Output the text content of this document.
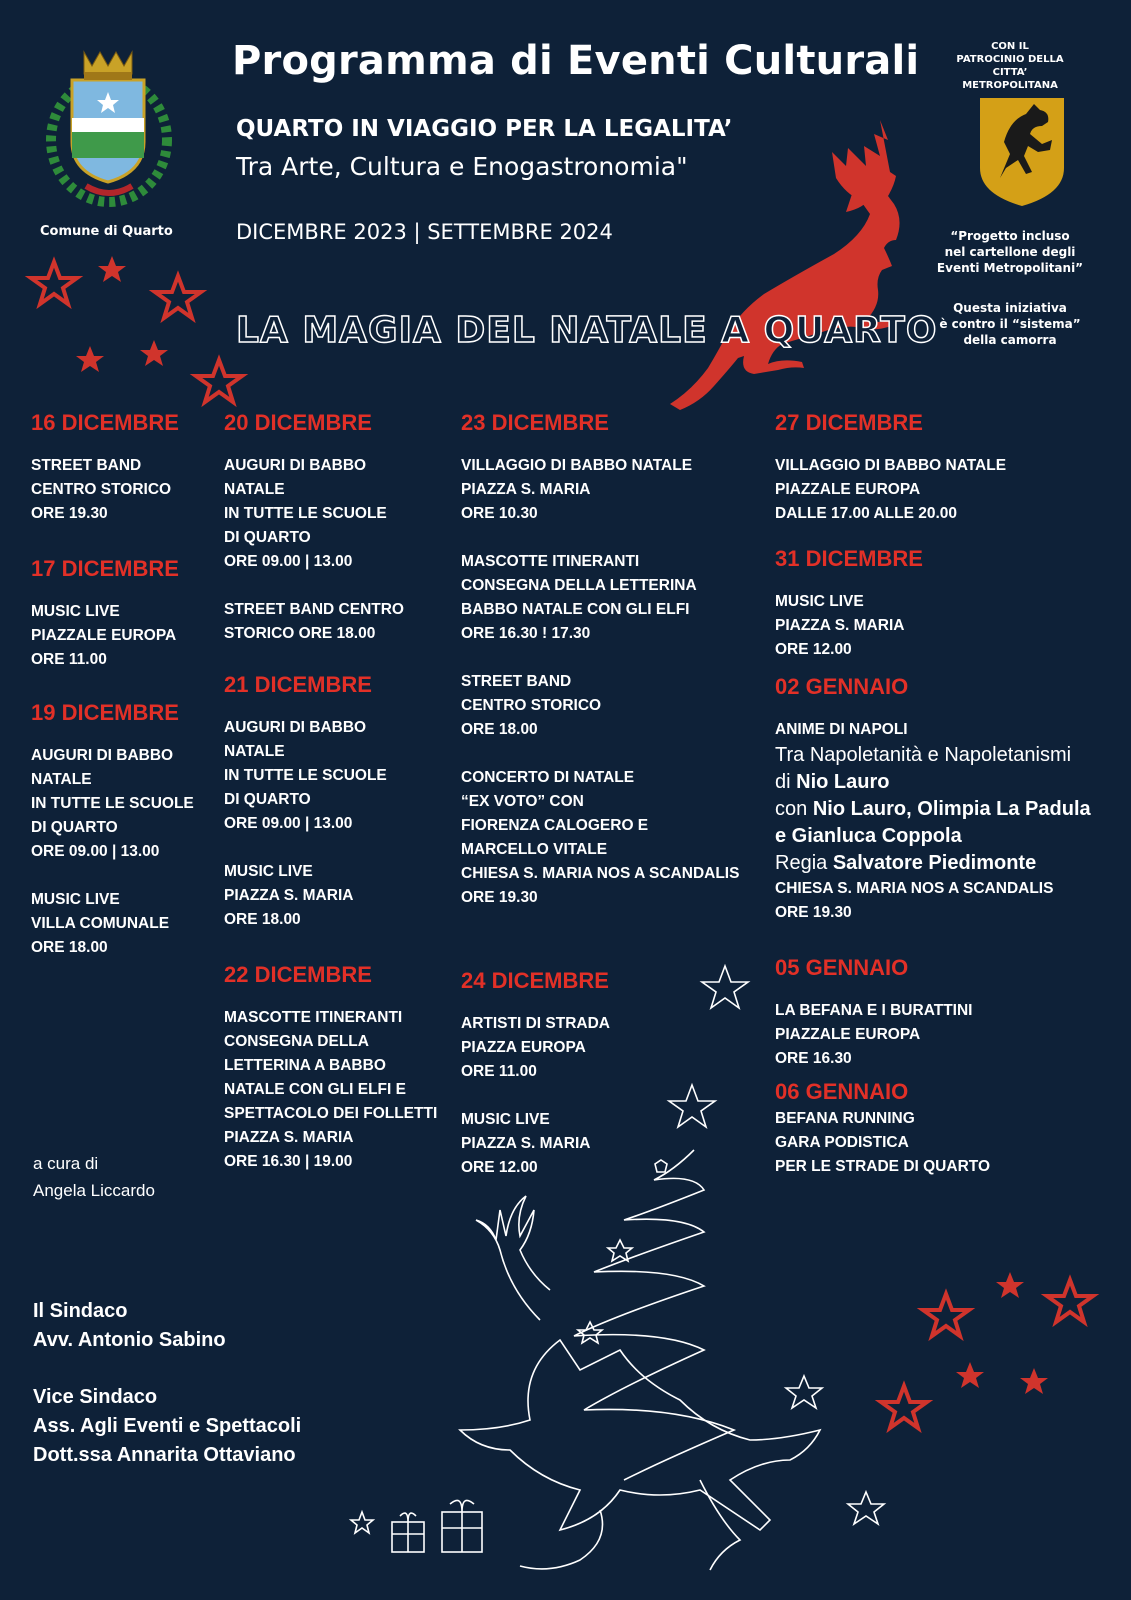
Programma di Eventi Culturali
QUARTO IN VIAGGIO PER LA LEGALITA’
Tra Arte, Cultura e Enogastronomia"
DICEMBRE 2023 | SETTEMBRE 2024
LA MAGIA DEL NATALE A QUARTO
Comune di Quarto
CON IL
PATROCINIO DELLA
CITTA’ METROPOLITANA
“Progetto incluso
nel cartellone degli
Eventi Metropolitani”
Questa iniziativa
è contro il “sistema”
della camorra

16 DICEMBRE

STREET BAND
CENTRO STORICO
ORE 19.30

17 DICEMBRE

MUSIC LIVE
PIAZZALE EUROPA
ORE 11.00

19 DICEMBRE

AUGURI DI BABBO
NATALE
IN TUTTE LE SCUOLE
DI QUARTO
ORE 09.00 | 13.00

MUSIC LIVE
VILLA COMUNALE
ORE 18.00

20 DICEMBRE

AUGURI DI BABBO
NATALE
IN TUTTE LE SCUOLE
DI QUARTO
ORE 09.00 | 13.00

STREET BAND CENTRO
STORICO ORE 18.00

21 DICEMBRE

AUGURI DI BABBO
NATALE
IN TUTTE LE SCUOLE
DI QUARTO
ORE 09.00 | 13.00

MUSIC LIVE
PIAZZA S. MARIA
ORE 18.00

22 DICEMBRE

MASCOTTE ITINERANTI
CONSEGNA DELLA
LETTERINA A BABBO
NATALE CON GLI ELFI E
SPETTACOLO DEI FOLLETTI
PIAZZA S. MARIA
ORE 16.30 | 19.00

23 DICEMBRE

VILLAGGIO DI BABBO NATALE
PIAZZA S. MARIA
ORE 10.30

MASCOTTE ITINERANTI
CONSEGNA DELLA LETTERINA
BABBO NATALE CON GLI ELFI
ORE 16.30 ! 17.30

STREET BAND
CENTRO STORICO
ORE 18.00

CONCERTO DI NATALE
“EX VOTO” CON
FIORENZA CALOGERO E
MARCELLO VITALE
CHIESA S. MARIA NOS A SCANDALIS
ORE 19.30

24 DICEMBRE

ARTISTI DI STRADA
PIAZZA EUROPA
ORE 11.00

MUSIC LIVE
PIAZZA S. MARIA
ORE 12.00

27 DICEMBRE

VILLAGGIO DI BABBO NATALE
PIAZZALE EUROPA
DALLE 17.00 ALLE 20.00

31 DICEMBRE

MUSIC LIVE
PIAZZA S. MARIA
ORE 12.00

02 GENNAIO

ANIME DI NAPOLI

Tra Napoletanità e Napoletanismi

di Nio Lauro

con Nio Lauro, Olimpia La Padula

e Gianluca Coppola

Regia Salvatore Piedimonte

CHIESA S. MARIA NOS A SCANDALIS
ORE 19.30

05 GENNAIO

LA BEFANA E I BURATTINI
PIAZZALE EUROPA
ORE 16.30

06 GENNAIO

BEFANA RUNNING
GARA PODISTICA
PER LE STRADE DI QUARTO

a cura di
Angela Liccardo
Il Sindaco
Avv. Antonio Sabino
Vice Sindaco
Ass. Agli Eventi e Spettacoli
Dott.ssa Annarita Ottaviano
